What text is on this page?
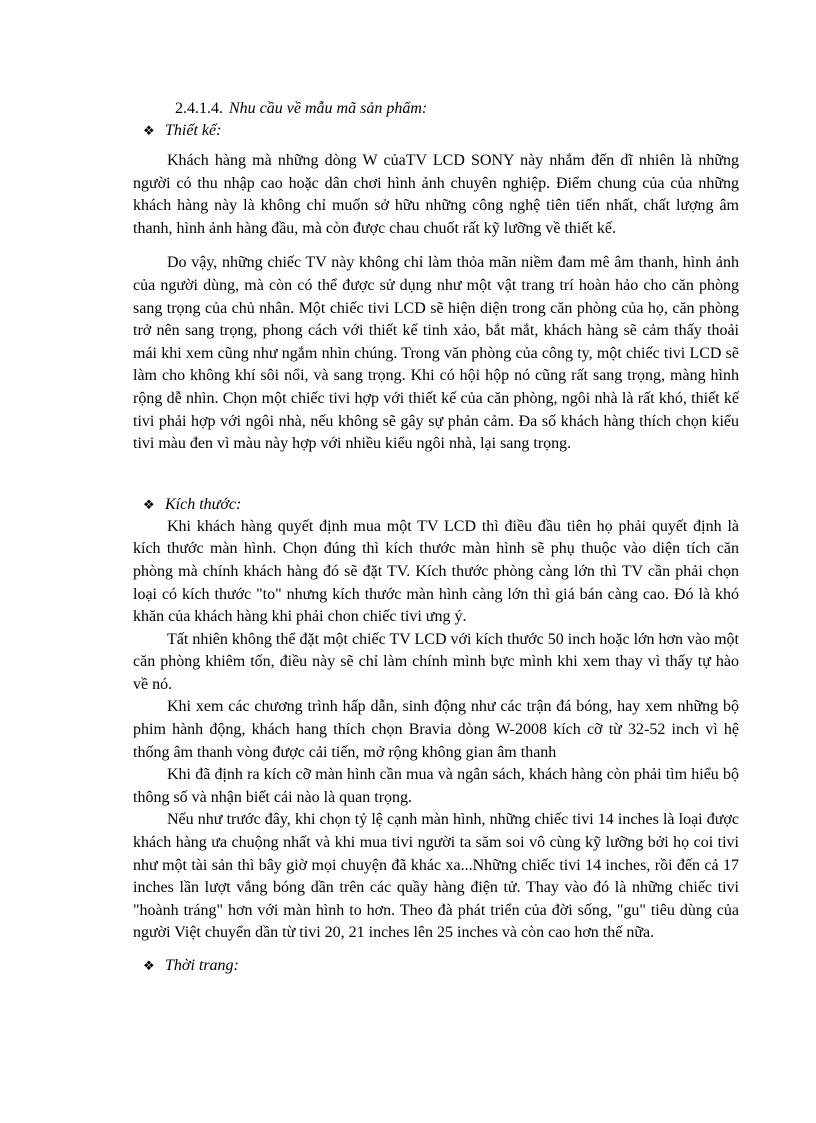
2.4.1.4. Nhu cầu về mẫu mã sản phẩm:
❖ Thiết kế:

Khách hàng mà những dòng W củaTV LCD SONY này nhắm đến dĩ nhiên là những người có thu nhập cao hoặc dân chơi hình ảnh chuyên nghiệp. Điểm chung của của những khách hàng này là không chỉ muốn sở hữu những công nghệ tiên tiến nhất, chất lượng âm thanh, hình ảnh hàng đầu, mà còn được chau chuốt rất kỹ lưỡng về thiết kế.

Do vậy, những chiếc TV này không chỉ làm thỏa mãn niềm đam mê âm thanh, hình ảnh của người dùng, mà còn có thể được sử dụng như một vật trang trí hoàn hảo cho căn phòng sang trọng của chủ nhân. Một chiếc tivi LCD sẽ hiện diện trong căn phòng của họ, căn phòng trở nên sang trọng, phong cách với thiết kế tinh xảo, bắt mắt, khách hàng sẽ cảm thấy thoải mái khi xem cũng như ngắm nhìn chúng. Trong văn phòng của công ty, một chiếc tivi LCD sẽ làm cho không khí sôi nổi, và sang trọng. Khi có hội hộp nó cũng rất sang trọng, màng hình rộng dễ nhìn. Chọn một chiếc tivi hợp với thiết kế của căn phòng, ngôi nhà là rất khó, thiết kế tivi phải hợp với ngôi nhà, nếu không sẽ gây sự phản cảm. Đa số khách hàng thích chọn kiểu tivi màu đen vì màu này hợp với nhiều kiểu ngôi nhà, lại sang trọng.

❖ Kích thước:

Khi khách hàng quyết định mua một TV LCD thì điều đầu tiên họ phải quyết định là kích thước màn hình. Chọn đúng thì kích thước màn hình sẽ phụ thuộc vào diện tích căn phòng mà chính khách hàng đó sẽ đặt TV. Kích thước phòng càng lớn thì TV cần phải chọn loại có kích thước "to" nhưng kích thước màn hình càng lớn thì giá bán càng cao. Đó là khó khăn của khách hàng khi phải chon chiếc tivi ưng ý.

Tất nhiên không thể đặt một chiếc TV LCD với kích thước 50 inch hoặc lớn hơn vào một căn phòng khiêm tốn, điều này sẽ chỉ làm chính mình bực mình khi xem thay vì thấy tự hào về nó.

Khi xem các chương trình hấp dẫn, sinh động như các trận đá bóng, hay xem những bộ phim hành động, khách hang thích chọn Bravia dòng W-2008 kích cỡ từ 32-52 inch vì hệ thống âm thanh vòng được cải tiến, mở rộng không gian âm thanh

Khi đã định ra kích cỡ màn hình cần mua và ngân sách, khách hàng còn phải tìm hiểu bộ thông số và nhận biết cái nào là quan trọng.

Nếu như trước đây, khi chọn tỷ lệ cạnh màn hình, những chiếc tivi 14 inches là loại được khách hàng ưa chuộng nhất và khi mua tivi người ta săm soi vô cùng kỹ lưỡng bởi họ coi tivi như một tài sản thì bây giờ mọi chuyện đã khác xa...Những chiếc tivi 14 inches, rồi đến cả 17 inches lần lượt vắng bóng dần trên các quầy hàng điện tử. Thay vào đó là những chiếc tivi "hoành tráng" hơn với màn hình to hơn. Theo đà phát triển của đời sống, "gu" tiêu dùng của người Việt chuyển dần từ tivi 20, 21 inches lên 25 inches và còn cao hơn thế nữa.

❖ Thời trang:
